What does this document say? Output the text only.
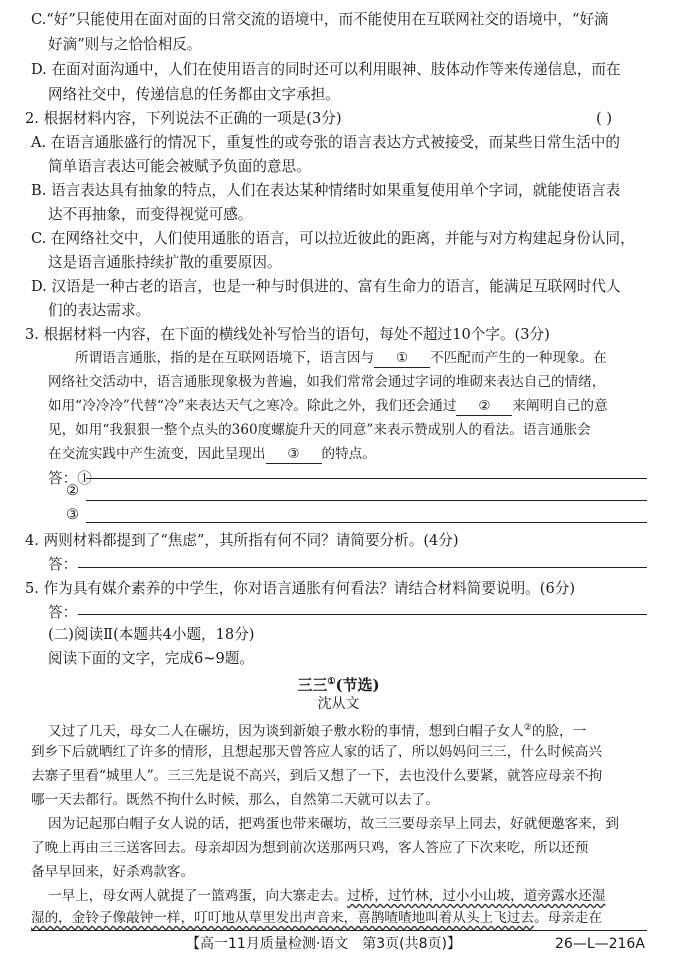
C.“好”只能使用在面对面的日常交流的语境中，而不能使用在互联网社交的语境中，“好滴
好滴”则与之恰恰相反。
D. 在面对面沟通中，人们在使用语言的同时还可以利用眼神、肢体动作等来传递信息，而在
网络社交中，传递信息的任务都由文字承担。
2. 根据材料内容，下列说法不正确的一项是(3分)	( )
A. 在语言通胀盛行的情况下，重复性的或夸张的语言表达方式被接受，而某些日常生活中的
简单语言表达可能会被赋予负面的意思。
B. 语言表达具有抽象的特点，人们在表达某种情绪时如果重复使用单个字词，就能使语言表
达不再抽象，而变得视觉可感。
C. 在网络社交中，人们使用通胀的语言，可以拉近彼此的距离，并能与对方构建起身份认同，
这是语言通胀持续扩散的重要原因。
D. 汉语是一种古老的语言，也是一种与时俱进的、富有生命力的语言，能满足互联网时代人
们的表达需求。
3. 根据材料一内容，在下面的横线处补写恰当的语句，每处不超过10个字。(3分)
所谓语言通胀，指的是在互联网语境下，语言因与 ① 不匹配而产生的一种现象。在
网络社交活动中，语言通胀现象极为普遍，如我们常常会通过字词的堆砌来表达自己的情绪，
如用“冷冷冷”代替“冷”来表达天气之寒冷。除此之外，我们还会通过 ② 来阐明自己的意
见，如用“我狠狠一整个点头的360度螺旋升天的同意”来表示赞成别人的看法。语言通胀会
在交流实践中产生流变，因此呈现出 ③ 的特点。
答：①
②
③
4. 两则材料都提到了“焦虑”，其所指有何不同？请简要分析。(4分)
答：
5. 作为具有媒介素养的中学生，你对语言通胀有何看法？请结合材料简要说明。(6分)
答：
(二)阅读Ⅱ(本题共4小题，18分)
阅读下面的文字，完成6~9题。
三三①(节选)
沈从文
又过了几天，母女二人在碾坊，因为谈到新娘子敷水粉的事情，想到白帽子女人②的脸，一
到乡下后就晒红了许多的情形，且想起那天曾答应人家的话了，所以妈妈问三三，什么时候高兴
去寨子里看“城里人”。三三先是说不高兴，到后又想了一下，去也没什么要紧，就答应母亲不拘
哪一天去都行。既然不拘什么时候，那么，自然第二天就可以去了。
因为记起那白帽子女人说的话，把鸡蛋也带来碾坊，故三三要母亲早上同去，好就便邀客来，到
了晚上再由三三送客回去。母亲却因为想到前次送那两只鸡，客人答应了下次来吃，所以还预
备早早回来，好杀鸡款客。
一早上，母女两人就提了一篮鸡蛋，向大寨走去。过桥，过竹林，过小小山坡，道旁露水还湿
湿的，金铃子像敲钟一样，叮叮地从草里发出声音来，喜鹊喳喳地叫着从头上飞过去。母亲走在
【高一11月质量检测·语文　第3页(共8页)】	26—L—216A
